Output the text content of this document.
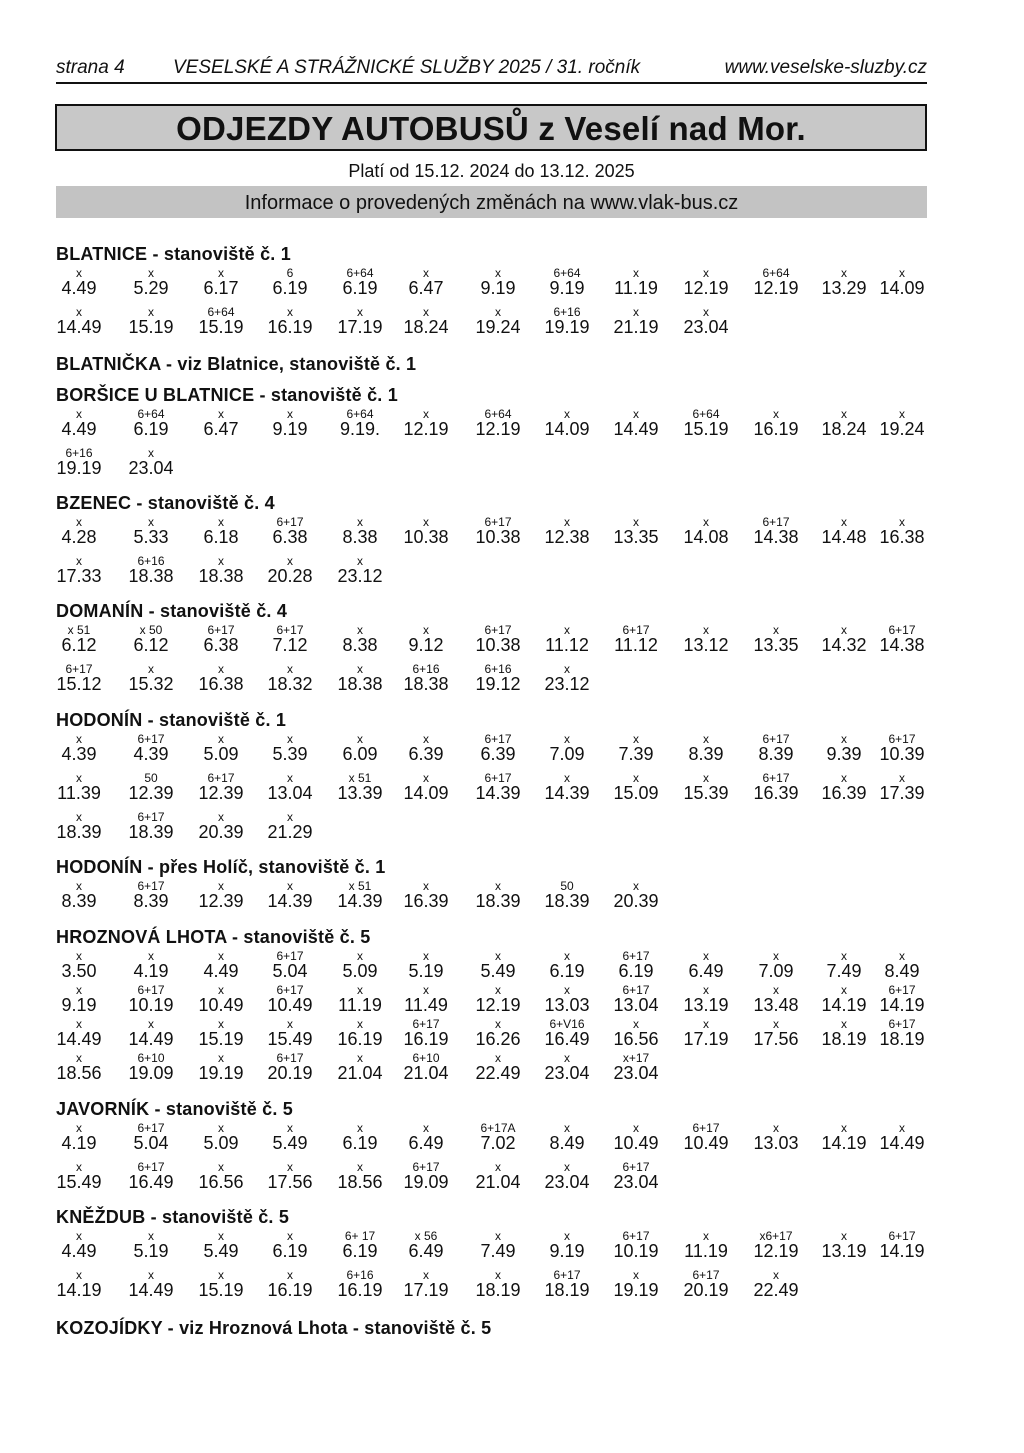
strana 4	VESELSKÉ A STRÁŽNICKÉ SLUŽBY 2025 / 31. ročník	www.veselske-sluzby.cz
ODJEZDY AUTOBUSŮ z Veselí nad Mor.
Platí od 15.12. 2024 do 13.12. 2025
Informace o provedených změnách na www.vlak-bus.cz
BLATNICE - stanoviště č. 1
x
4.49
x
5.29
x
6.17
6
6.19
6+64
6.19
x
6.47
x
9.19
6+64
9.19
x
11.19
x
12.19
6+64
12.19
x
13.29
x
14.09
x
14.49
x
15.19
6+64
15.19
x
16.19
x
17.19
x
18.24
x
19.24
6+16
19.19
x
21.19
x
23.04
BLATNIČKA - viz Blatnice, stanoviště č. 1
BORŠICE U BLATNICE - stanoviště č. 1
x
4.49
6+64
6.19
x
6.47
x
9.19
6+64
9.19.
x
12.19
6+64
12.19
x
14.09
x
14.49
6+64
15.19
x
16.19
x
18.24
x
19.24
6+16
19.19
x
23.04
BZENEC - stanoviště č. 4
x
4.28
x
5.33
x
6.18
6+17
6.38
x
8.38
x
10.38
6+17
10.38
x
12.38
x
13.35
x
14.08
6+17
14.38
x
14.48
x
16.38
x
17.33
6+16
18.38
x
18.38
x
20.28
x
23.12
DOMANÍN - stanoviště č. 4
x 51
6.12
x 50
6.12
6+17
6.38
6+17
7.12
x
8.38
x
9.12
6+17
10.38
x
11.12
6+17
11.12
x
13.12
x
13.35
x
14.32
6+17
14.38
6+17
15.12
x
15.32
x
16.38
x
18.32
x
18.38
6+16
18.38
6+16
19.12
x
23.12
HODONÍN - stanoviště č. 1
x
4.39
6+17
4.39
x
5.09
x
5.39
x
6.09
x
6.39
6+17
6.39
x
7.09
x
7.39
x
8.39
6+17
8.39
x
9.39
6+17
10.39
x
11.39
50
12.39
6+17
12.39
x
13.04
x 51
13.39
x
14.09
6+17
14.39
x
14.39
x
15.09
x
15.39
6+17
16.39
x
16.39
x
17.39
x
18.39
6+17
18.39
x
20.39
x
21.29
HODONÍN - přes Holíč, stanoviště č. 1
x
8.39
6+17
8.39
x
12.39
x
14.39
x 51
14.39
x
16.39
x
18.39
50
18.39
x
20.39
HROZNOVÁ LHOTA - stanoviště č. 5
x
3.50
x
4.19
x
4.49
6+17
5.04
x
5.09
x
5.19
x
5.49
x
6.19
6+17
6.19
x
6.49
x
7.09
x
7.49
x
8.49
x
9.19
6+17
10.19
x
10.49
6+17
10.49
x
11.19
x
11.49
x
12.19
x
13.03
6+17
13.04
x
13.19
x
13.48
x
14.19
6+17
14.19
x
14.49
x
14.49
x
15.19
x
15.49
x
16.19
6+17
16.19
x
16.26
6+V16
16.49
x
16.56
x
17.19
x
17.56
x
18.19
6+17
18.19
x
18.56
6+10
19.09
x
19.19
6+17
20.19
x
21.04
6+10
21.04
x
22.49
x
23.04
x+17
23.04
JAVORNÍK - stanoviště č. 5
x
4.19
6+17
5.04
x
5.09
x
5.49
x
6.19
x
6.49
6+17A
7.02
x
8.49
x
10.49
6+17
10.49
x
13.03
x
14.19
x
14.49
x
15.49
6+17
16.49
x
16.56
x
17.56
x
18.56
6+17
19.09
x
21.04
x
23.04
6+17
23.04
KNĚŽDUB - stanoviště č. 5
x
4.49
x
5.19
x
5.49
x
6.19
6+ 17
6.19
x 56
6.49
x
7.49
x
9.19
6+17
10.19
x
11.19
x6+17
12.19
x
13.19
6+17
14.19
x
14.19
x
14.49
x
15.19
x
16.19
6+16
16.19
x
17.19
x
18.19
6+17
18.19
x
19.19
6+17
20.19
x
22.49
KOZOJÍDKY - viz Hroznová Lhota - stanoviště č. 5
